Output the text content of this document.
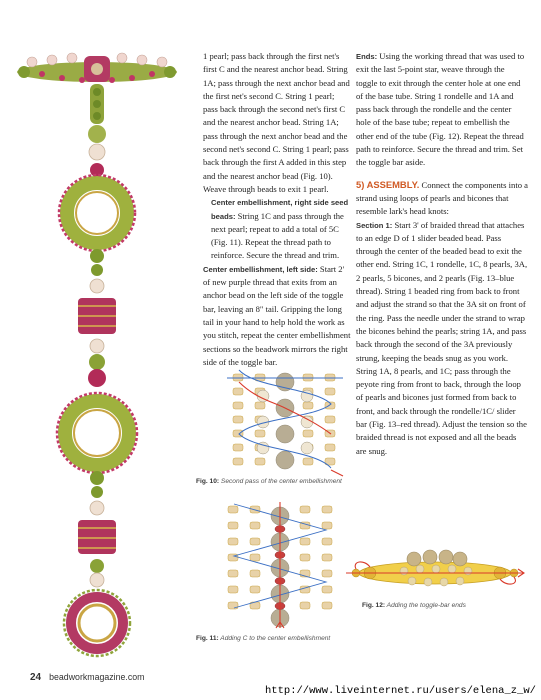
1 pearl; pass back through the first net's first C and the nearest anchor bead. String 1A; pass through the next anchor bead and the first net's second C. String 1 pearl; pass back through the second net's first C and the nearest anchor bead. String 1A; pass through the next anchor bead and the second net's second C. String 1 pearl; pass back through the first A added in this step and the nearest anchor bead (Fig. 10). Weave through beads to exit 1 pearl.

Center embellishment, right side seed beads: String 1C and pass through the next pearl; repeat to add a total of 5C (Fig. 11). Repeat the thread path to reinforce. Secure the thread and trim.

Center embellishment, left side: Start 2' of new purple thread that exits from an anchor bead on the left side of the toggle bar, leaving an 8" tail. Gripping the long tail in your hand to help hold the work as you stitch, repeat the center embellishment sections so the beadwork mirrors the right side of the toggle bar.

Ends: Using the working thread that was used to exit the last 5-point star, weave through the toggle to exit through the center hole at one end of the base tube. String 1 rondelle and 1A and pass back through the rondelle and the center hole of the base tube; repeat to embellish the other end of the tube (Fig. 12). Repeat the thread path to reinforce. Secure the thread and trim. Set the toggle bar aside.

5) ASSEMBLY. Connect the components into a strand using loops of pearls and bicones that resemble lark's head knots:

Section 1: Start 3' of braided thread that attaches to an edge D of 1 slider beaded bead. Pass through the center of the beaded bead to exit the other end. String 1C, 1 rondelle, 1C, 8 pearls, 3A, 2 pearls, 5 bicones, and 2 pearls (Fig. 13–blue thread). String 1 beaded ring from back to front and adjust the strand so that the 3A sit on front of the ring. Pass the needle under the strand to wrap the bicones behind the pearls; string 1A, and pass back through the second of the 3A previously strung, keeping the beads snug as you work. String 1A, 8 pearls, and 1C; pass through the peyote ring from front to back, through the loop of pearls and bicones just formed from back to front, and back through the rondelle/1C/ slider bar (Fig. 13–red thread). Adjust the tension so the braided thread is not exposed and all the beads are snug.

Fig. 10: Second pass of the center embellishment
Fig. 11: Adding C to the center embellishment
Fig. 12: Adding the toggle-bar ends
24 beadworkmagazine.com
http://www.liveinternet.ru/users/elena_z_w/
